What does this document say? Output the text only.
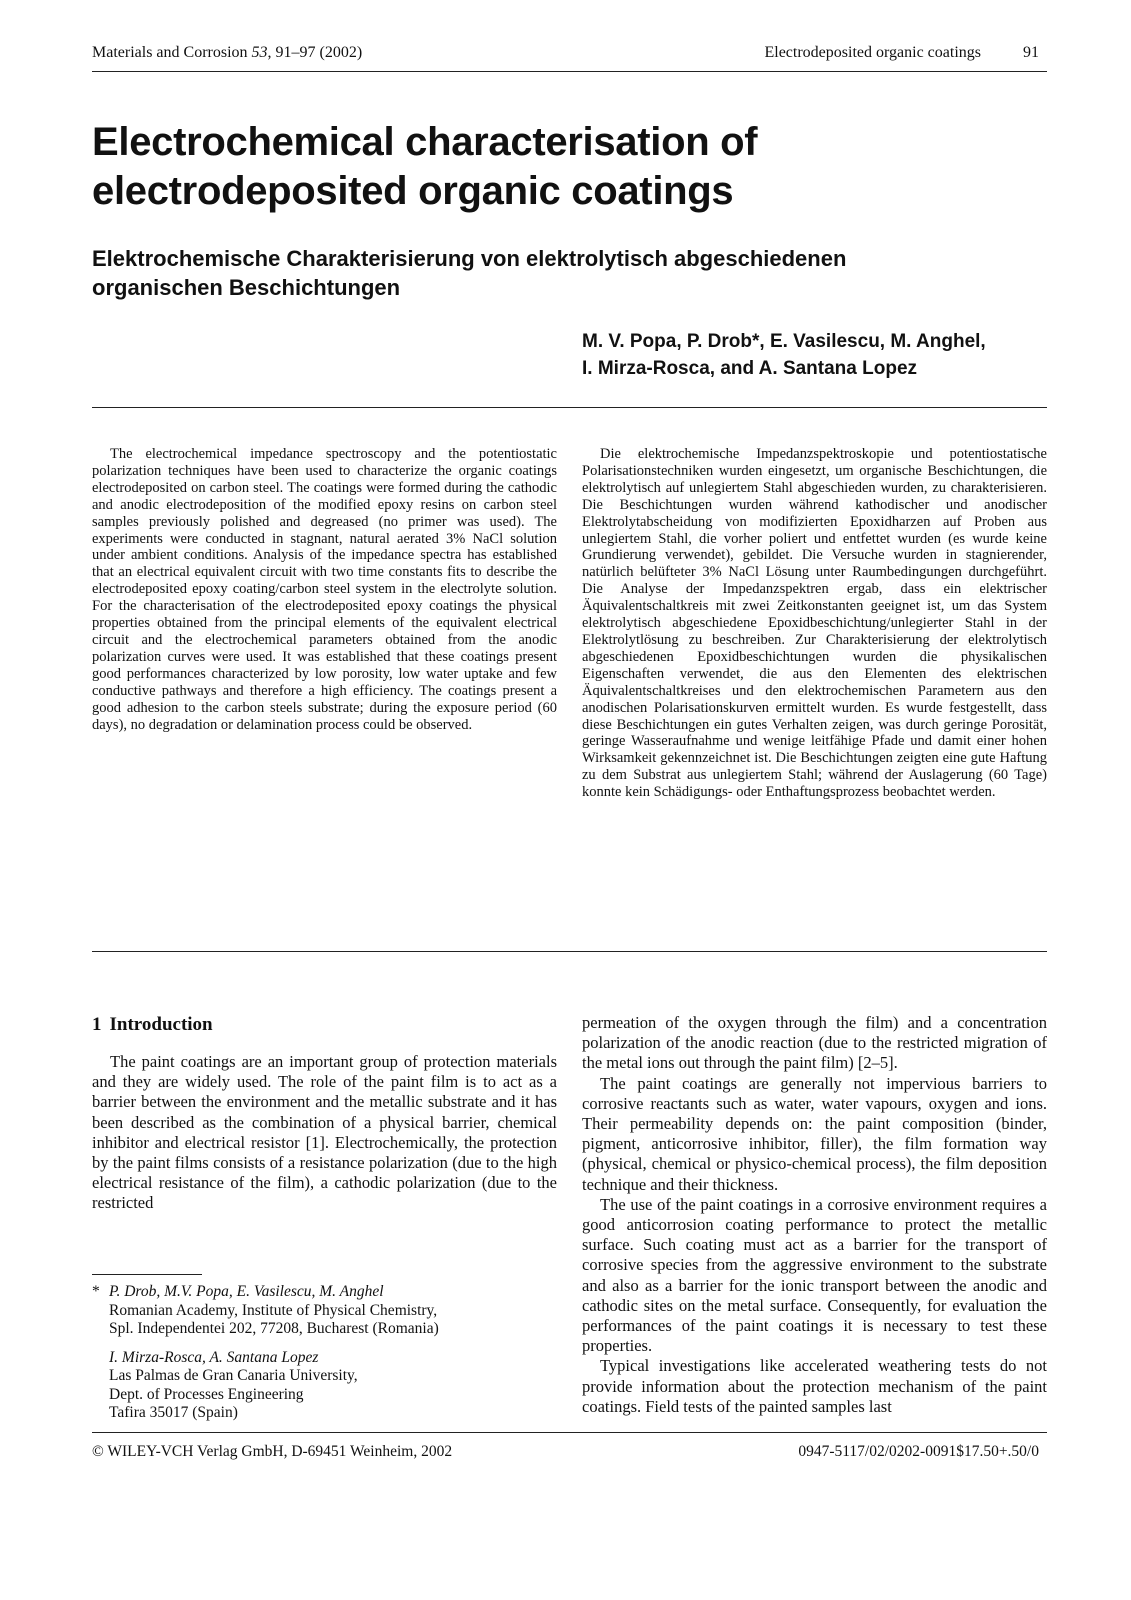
Materials and Corrosion 53, 91–97 (2002)	Electrodeposited organic coatings	91
Electrochemical characterisation of
electrodeposited organic coatings
Elektrochemische Charakterisierung von elektrolytisch abgeschiedenen
organischen Beschichtungen
M. V. Popa, P. Drob*, E. Vasilescu, M. Anghel,
I. Mirza-Rosca, and A. Santana Lopez

The electrochemical impedance spectroscopy and the potentiostatic polarization techniques have been used to characterize the organic coatings electrodeposited on carbon steel. The coatings were formed during the cathodic and anodic electrodeposition of the modified epoxy resins on carbon steel samples previously polished and degreased (no primer was used). The experiments were conducted in stagnant, natural aerated 3% NaCl solution under ambient conditions. Analysis of the impedance spectra has established that an electrical equivalent circuit with two time constants fits to describe the electrodeposited epoxy coating/carbon steel system in the electrolyte solution. For the characterisation of the electrodeposited epoxy coatings the physical properties obtained from the principal elements of the equivalent electrical circuit and the electrochemical parameters obtained from the anodic polarization curves were used. It was established that these coatings present good performances characterized by low porosity, low water uptake and few conductive pathways and therefore a high efficiency. The coatings present a good adhesion to the carbon steels substrate; during the exposure period (60 days), no degradation or delamination process could be observed.

Die elektrochemische Impedanzspektroskopie und potentiostatische Polarisationstechniken wurden eingesetzt, um organische Beschichtungen, die elektrolytisch auf unlegiertem Stahl abgeschieden wurden, zu charakterisieren. Die Beschichtungen wurden während kathodischer und anodischer Elektrolytabscheidung von modifizierten Epoxidharzen auf Proben aus unlegiertem Stahl, die vorher poliert und entfettet wurden (es wurde keine Grundierung verwendet), gebildet. Die Versuche wurden in stagnierender, natürlich belüfteter 3% NaCl Lösung unter Raumbedingungen durchgeführt. Die Analyse der Impedanzspektren ergab, dass ein elektrischer Äquivalentschaltkreis mit zwei Zeitkonstanten geeignet ist, um das System elektrolytisch abgeschiedene Epoxidbeschichtung/unlegierter Stahl in der Elektrolytlösung zu beschreiben. Zur Charakterisierung der elektrolytisch abgeschiedenen Epoxidbeschichtungen wurden die physikalischen Eigenschaften verwendet, die aus den Elementen des elektrischen Äquivalentschaltkreises und den elektrochemischen Parametern aus den anodischen Polarisationskurven ermittelt wurden. Es wurde festgestellt, dass diese Beschichtungen ein gutes Verhalten zeigen, was durch geringe Porosität, geringe Wasseraufnahme und wenige leitfähige Pfade und damit einer hohen Wirksamkeit gekennzeichnet ist. Die Beschichtungen zeigten eine gute Haftung zu dem Substrat aus unlegiertem Stahl; während der Auslagerung (60 Tage) konnte kein Schädigungs- oder Enthaftungsprozess beobachtet werden.

1 Introduction

The paint coatings are an important group of protection materials and they are widely used. The role of the paint film is to act as a barrier between the environment and the metallic substrate and it has been described as the combination of a physical barrier, chemical inhibitor and electrical resistor [1]. Electrochemically, the protection by the paint films consists of a resistance polarization (due to the high electrical resistance of the film), a cathodic polarization (due to the restricted

permeation of the oxygen through the film) and a concentration polarization of the anodic reaction (due to the restricted migration of the metal ions out through the paint film) [2–5].

The paint coatings are generally not impervious barriers to corrosive reactants such as water, water vapours, oxygen and ions. Their permeability depends on: the paint composition (binder, pigment, anticorrosive inhibitor, filler), the film formation way (physical, chemical or physico-chemical process), the film deposition technique and their thickness.

The use of the paint coatings in a corrosive environment requires a good anticorrosion coating performance to protect the metallic surface. Such coating must act as a barrier for the transport of corrosive species from the aggressive environment to the substrate and also as a barrier for the ionic transport between the anodic and cathodic sites on the metal surface. Consequently, for evaluation the performances of the paint coatings it is necessary to test these properties.

Typical investigations like accelerated weathering tests do not provide information about the protection mechanism of the paint coatings. Field tests of the painted samples last

* P. Drob, M.V. Popa, E. Vasilescu, M. Anghel
Romanian Academy, Institute of Physical Chemistry,
Spl. Independentei 202, 77208, Bucharest (Romania)
I. Mirza-Rosca, A. Santana Lopez
Las Palmas de Gran Canaria University,
Dept. of Processes Engineering
Tafira 35017 (Spain)
© WILEY-VCH Verlag GmbH, D-69451 Weinheim, 2002	0947-5117/02/0202-0091$17.50+.50/0
